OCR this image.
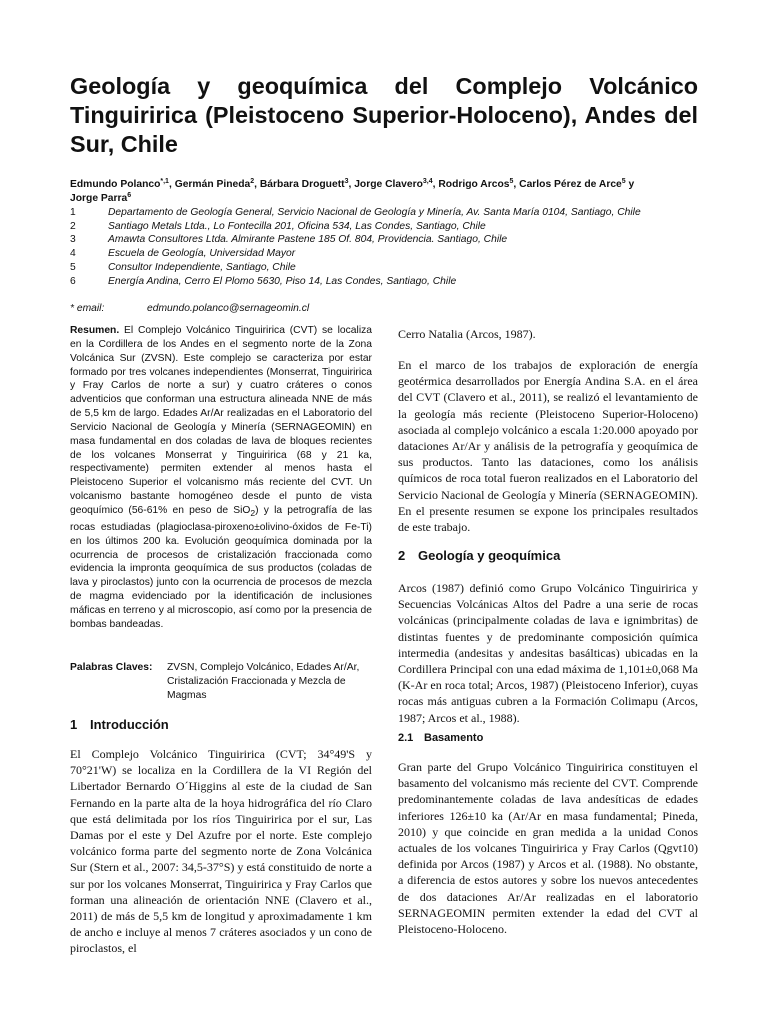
Geología y geoquímica del Complejo Volcánico Tinguiririca (Pleistoceno Superior-Holoceno), Andes del Sur, Chile
Edmundo Polanco$^{*,1}$, Germán Pineda$^2$, Bárbara Droguett$^3$, Jorge Clavero$^{3,4}$, Rodrigo Arcos$^5$, Carlos Pérez de Arce$^5$ y
Jorge Parra$^6$
1	Departamento de Geología General, Servicio Nacional de Geología y Minería, Av. Santa María 0104, Santiago, Chile
2	Santiago Metals Ltda., Lo Fontecilla 201, Oficina 534, Las Condes, Santiago, Chile
3	Amawta Consultores Ltda. Almirante Pastene 185 Of. 804, Providencia. Santiago, Chile
4	Escuela de Geología, Universidad Mayor
5	Consultor Independiente, Santiago, Chile
6	Energía Andina, Cerro El Plomo 5630, Piso 14, Las Condes, Santiago, Chile
* email:	edmundo.polanco@sernageomin.cl

Resumen. El Complejo Volcánico Tinguiririca (CVT) se localiza en la Cordillera de los Andes en el segmento norte de la Zona Volcánica Sur (ZVSN). Este complejo se caracteriza por estar formado por tres volcanes independientes (Monserrat, Tinguiririca y Fray Carlos de norte a sur) y cuatro cráteres o conos adventicios que conforman una estructura alineada NNE de más de 5,5 km de largo. Edades Ar/Ar realizadas en el Laboratorio del Servicio Nacional de Geología y Minería (SERNAGEOMIN) en masa fundamental en dos coladas de lava de bloques recientes de los volcanes Monserrat y Tinguiririca (68 y 21 ka, respectivamente) permiten extender al menos hasta el Pleistoceno Superior el volcanismo más reciente del CVT. Un volcanismo bastante homogéneo desde el punto de vista geoquímico (56-61% en peso de SiO$_2$) y la petrografía de las rocas estudiadas (plagioclasa-piroxeno±olivino-óxidos de Fe-Ti) en los últimos 200 ka. Evolución geoquímica dominada por la ocurrencia de procesos de cristalización fraccionada como evidencia la impronta geoquímica de sus productos (coladas de lava y piroclastos) junto con la ocurrencia de procesos de mezcla de magma evidenciado por la identificación de inclusiones máficas en terreno y al microscopio, así como por la presencia de bombas bandeadas.

Palabras Claves:	ZVSN, Complejo Volcánico, Edades Ar/Ar, Cristalización Fraccionada y Mezcla de Magmas
1 Introducción

El Complejo Volcánico Tinguiririca (CVT; 34°49'S y 70°21'W) se localiza en la Cordillera de la VI Región del Libertador Bernardo O´Higgins al este de la ciudad de San Fernando en la parte alta de la hoya hidrográfica del río Claro que está delimitada por los ríos Tinguiririca por el sur, Las Damas por el este y Del Azufre por el norte. Este complejo volcánico forma parte del segmento norte de Zona Volcánica Sur (Stern et al., 2007: 34,5-37°S) y está constituido de norte a sur por los volcanes Monserrat, Tinguiririca y Fray Carlos que forman una alineación de orientación NNE (Clavero et al., 2011) de más de 5,5 km de longitud y aproximadamente 1 km de ancho e incluye al menos 7 cráteres asociados y un cono de piroclastos, el

Cerro Natalia (Arcos, 1987).

En el marco de los trabajos de exploración de energía geotérmica desarrollados por Energía Andina S.A. en el área del CVT (Clavero et al., 2011), se realizó el levantamiento de la geología más reciente (Pleistoceno Superior-Holoceno) asociada al complejo volcánico a escala 1:20.000 apoyado por dataciones Ar/Ar y análisis de la petrografía y geoquímica de sus productos. Tanto las dataciones, como los análisis químicos de roca total fueron realizados en el Laboratorio del Servicio Nacional de Geología y Minería (SERNAGEOMIN). En el presente resumen se expone los principales resultados de este trabajo.

2 Geología y geoquímica

Arcos (1987) definió como Grupo Volcánico Tinguiririca y Secuencias Volcánicas Altos del Padre a una serie de rocas volcánicas (principalmente coladas de lava e ignimbritas) de distintas fuentes y de predominante composición química intermedia (andesitas y andesitas basálticas) ubicadas en la Cordillera Principal con una edad máxima de 1,101±0,068 Ma (K-Ar en roca total; Arcos, 1987) (Pleistoceno Inferior), cuyas rocas más antiguas cubren a la Formación Colimapu (Arcos, 1987; Arcos et al., 1988).

2.1 Basamento

Gran parte del Grupo Volcánico Tinguiririca constituyen el basamento del volcanismo más reciente del CVT. Comprende predominantemente coladas de lava andesíticas de edades inferiores 126±10 ka (Ar/Ar en masa fundamental; Pineda, 2010) y que coincide en gran medida a la unidad Conos actuales de los volcanes Tinguiririca y Fray Carlos (Qgvt10) definida por Arcos (1987) y Arcos et al. (1988). No obstante, a diferencia de estos autores y sobre los nuevos antecedentes de dos dataciones Ar/Ar realizadas en el laboratorio SERNAGEOMIN permiten extender la edad del CVT al Pleistoceno-Holoceno.
